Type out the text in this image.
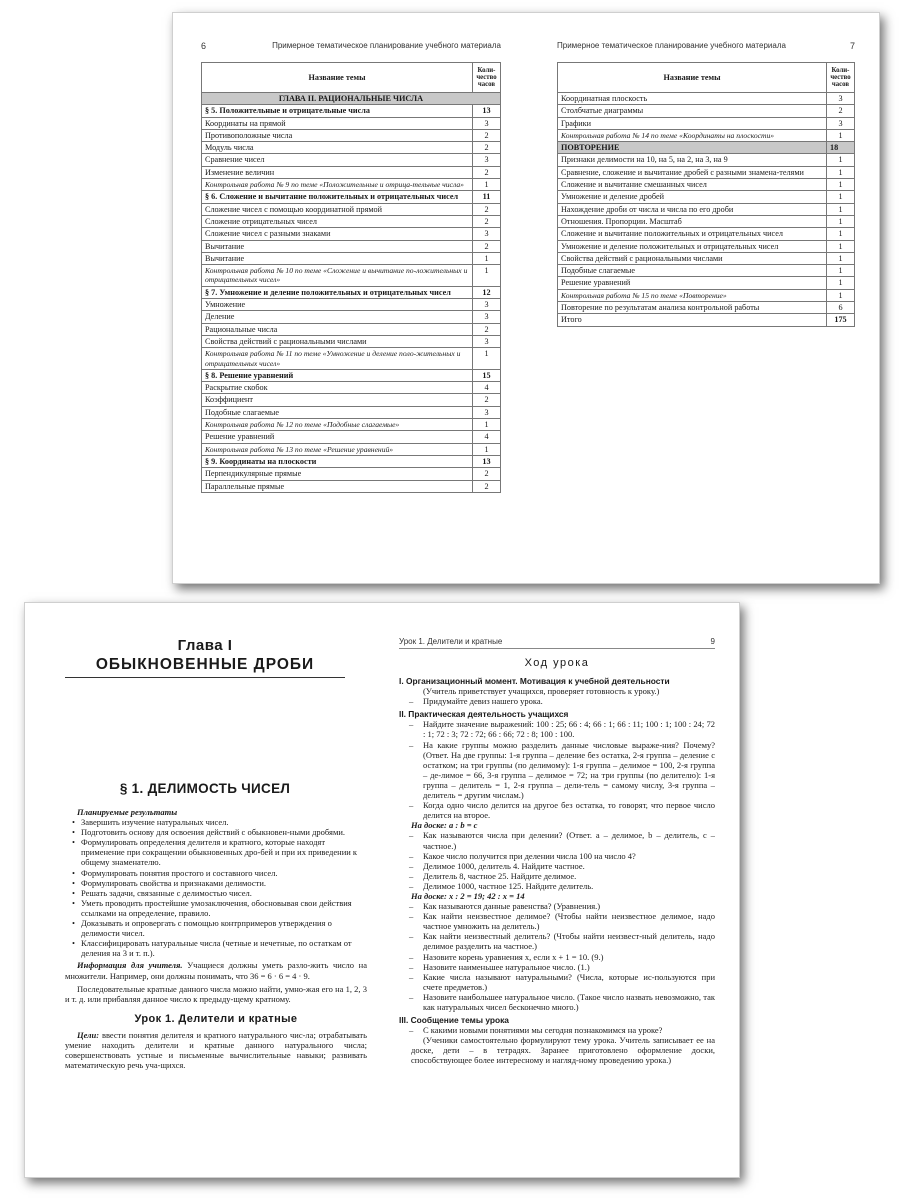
6	Примерное тематическое планирование учебного материала
Название темы	Коли-чество часов
ГЛАВА II. РАЦИОНАЛЬНЫЕ ЧИСЛА	
§ 5. Положительные и отрицательные числа	13
Координаты на прямой	3
Противоположные числа	2
Модуль числа	2
Сравнение чисел	3
Изменение величин	2
Контрольная работа № 9 по теме «Положительные и отрица-тельные числа»	1
§ 6. Сложение и вычитание положительных и отрицательных чисел	11
Сложение чисел с помощью координатной прямой	2
Сложение отрицательных чисел	2
Сложение чисел с разными знаками	3
Вычитание	2
Вычитание	1
Контрольная работа № 10 по теме «Сложение и вычитание по-ложительных и отрицательных чисел»	1
§ 7. Умножение и деление положительных и отрицательных чисел	12
Умножение	3
Деление	3
Рациональные числа	2
Свойства действий с рациональными числами	3
Контрольная работа № 11 по теме «Умножение и деление поло-жительных и отрицательных чисел»	1
§ 8. Решение уравнений	15
Раскрытие скобок	4
Коэффициент	2
Подобные слагаемые	3
Контрольная работа № 12 по теме «Подобные слагаемые»	1
Решение уравнений	4
Контрольная работа № 13 по теме «Решение уравнений»	1
§ 9. Координаты на плоскости	13
Перпендикулярные прямые	2
Параллельные прямые	2
Примерное тематическое планирование учебного материала	7
Название темы	Коли-чество часов
Координатная плоскость	3
Столбчатые диаграммы	2
Графики	3
Контрольная работа № 14 по теме «Координаты на плоскости»	1
ПОВТОРЕНИЕ	18
Признаки делимости на 10, на 5, на 2, на 3, на 9	1
Сравнение, сложение и вычитание дробей с разными знамена-телями	1
Сложение и вычитание смешанных чисел	1
Умножение и деление дробей	1
Нахождение дроби от числа и числа по его дроби	1
Отношения. Пропорции. Масштаб	1
Сложение и вычитание положительных и отрицательных чисел	1
Умножение и деление положительных и отрицательных чисел	1
Свойства действий с рациональными числами	1
Подобные слагаемые	1
Решение уравнений	1
Контрольная работа № 15 по теме «Повторение»	1
Повторение по результатам анализа контрольной работы	6
Итого	175
Глава I
ОБЫКНОВЕННЫЕ ДРОБИ
§ 1. ДЕЛИМОСТЬ ЧИСЕЛ
Планируемые результаты
• Завершить изучение натуральных чисел.
• Подготовить основу для освоения действий с обыкновен-ными дробями.
• Формулировать определения делителя и кратного, которые находят применение при сокращении обыкновенных дро-бей и при их приведении к общему знаменателю.
• Формулировать понятия простого и составного чисел.
• Формулировать свойства и признаками делимости.
• Решать задачи, связанные с делимостью чисел.
• Уметь проводить простейшие умозаключения, обосновывая свои действия ссылками на определение, правило.
• Доказывать и опровергать с помощью контрпримеров утверждения о делимости чисел.
• Классифицировать натуральные числа (четные и нечетные, по остаткам от деления на 3 и т. п.).

Информация для учителя. Учащиеся должны уметь разло-жить число на множители. Например, они должны понимать, что 36 = 6 · 6 = 4 · 9.

Последовательные кратные данного числа можно найти, умно-жая его на 1, 2, 3 и т. д. или прибавляя данное число к предыду-щему кратному.

Урок 1. Делители и кратные

Цели: ввести понятия делителя и кратного натурального чис-ла; отрабатывать умение находить делители и кратные данного натурального числа; совершенствовать устные и письменные вычислительные навыки; развивать математическую речь уча-щихся.

Урок 1. Делители и кратные	9
Ход урока
I. Организационный момент. Мотивация к учебной деятельности
(Учитель приветствует учащихся, проверяет готовность к уроку.)
– Придумайте девиз нашего урока.
II. Практическая деятельность учащихся
– Найдите значение выражений: 100 : 25; 66 : 4; 66 : 1; 66 : 11; 100 : 1; 100 : 24; 72 : 1; 72 : 3; 72 : 72; 66 : 66; 72 : 8; 100 : 100.
– На какие группы можно разделить данные числовые выраже-ния? Почему? (Ответ. На две группы: 1-я группа – деление без остатка, 2-я группа – деление с остатком; на три группы (по делимому): 1-я группа – делимое = 100, 2-я группа – де-лимое = 66, 3-я группа – делимое = 72; на три группы (по делителю): 1-я группа – делитель = 1, 2-я группа – дели-тель = самому числу, 3-я группа – делитель = другим числам.)
– Когда одно число делится на другое без остатка, то говорят, что первое число делится на второе.
На доске: a : b = c
– Как называются числа при делении? (Ответ. a – делимое, b – делитель, c – частное.)
– Какое число получится при делении числа 100 на число 4?
– Делимое 1000, делитель 4. Найдите частное.
– Делитель 8, частное 25. Найдите делимое.
– Делимое 1000, частное 125. Найдите делитель.
На доске: x : 2 = 19; 42 : x = 14
– Как называются данные равенства? (Уравнения.)
– Как найти неизвестное делимое? (Чтобы найти неизвестное делимое, надо частное умножить на делитель.)
– Как найти неизвестный делитель? (Чтобы найти неизвест-ный делитель, надо делимое разделить на частное.)
– Назовите корень уравнения x, если x + 1 = 10. (9.)
– Назовите наименьшее натуральное число. (1.)
– Какие числа называют натуральными? (Числа, которые ис-пользуются при счете предметов.)
– Назовите наибольшее натуральное число. (Такое число назвать невозможно, так как натуральных чисел бесконечно много.)
III. Сообщение темы урока
– С какими новыми понятиями мы сегодня познакомимся на уроке?
(Ученики самостоятельно формулируют тему урока. Учитель записывает ее на доске, дети – в тетрадях. Заранее приготовлено оформление доски, способствующее более интересному и нагляд-ному проведению урока.)
